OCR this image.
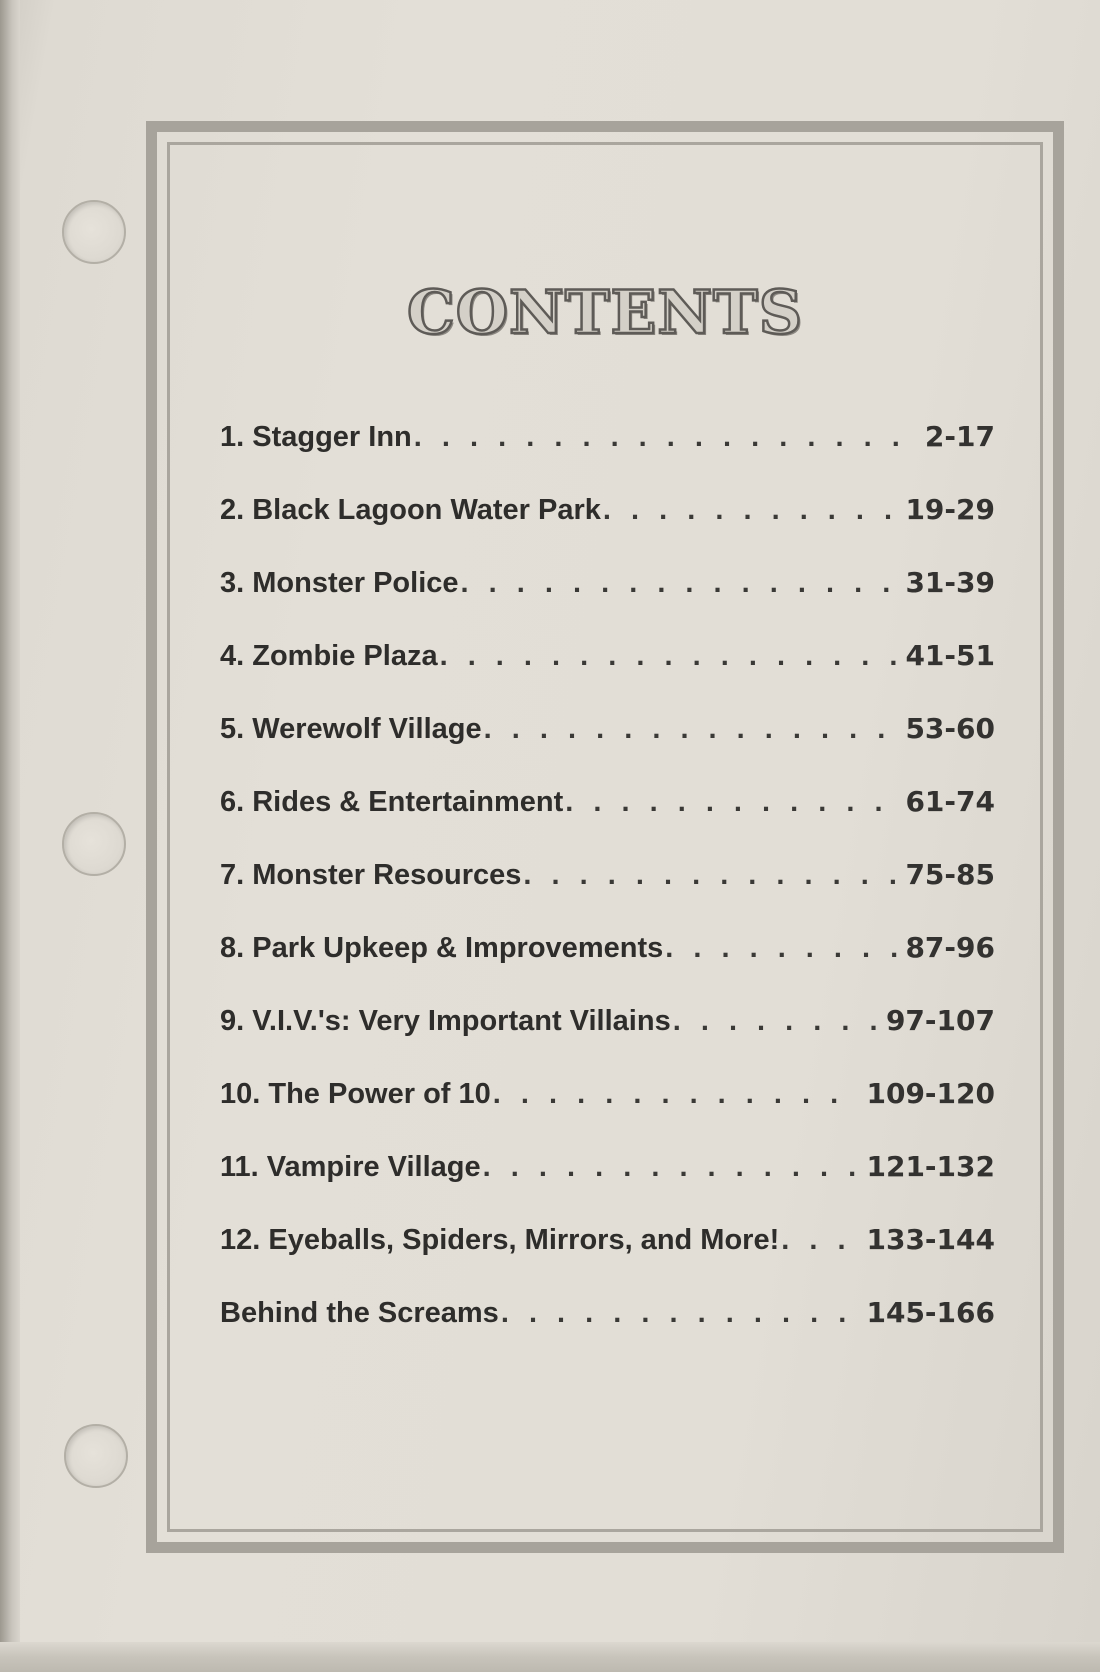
CONTENTS
1. Stagger Inn . . .	2-17
2. Black Lagoon Water Park . . .	19-29
3. Monster Police . . .	31-39
4. Zombie Plaza . . .	41-51
5. Werewolf Village . . .	53-60
6. Rides & Entertainment . . .	61-74
7. Monster Resources . . .	75-85
8. Park Upkeep & Improvements . . .	87-96
9. V.I.V.'s: Very Important Villains . . .	97-107
10. The Power of 10 . . .	109-120
11. Vampire Village . . .	121-132
12. Eyeballs, Spiders, Mirrors, and More! . . .	133-144
Behind the Screams . . .	145-166
